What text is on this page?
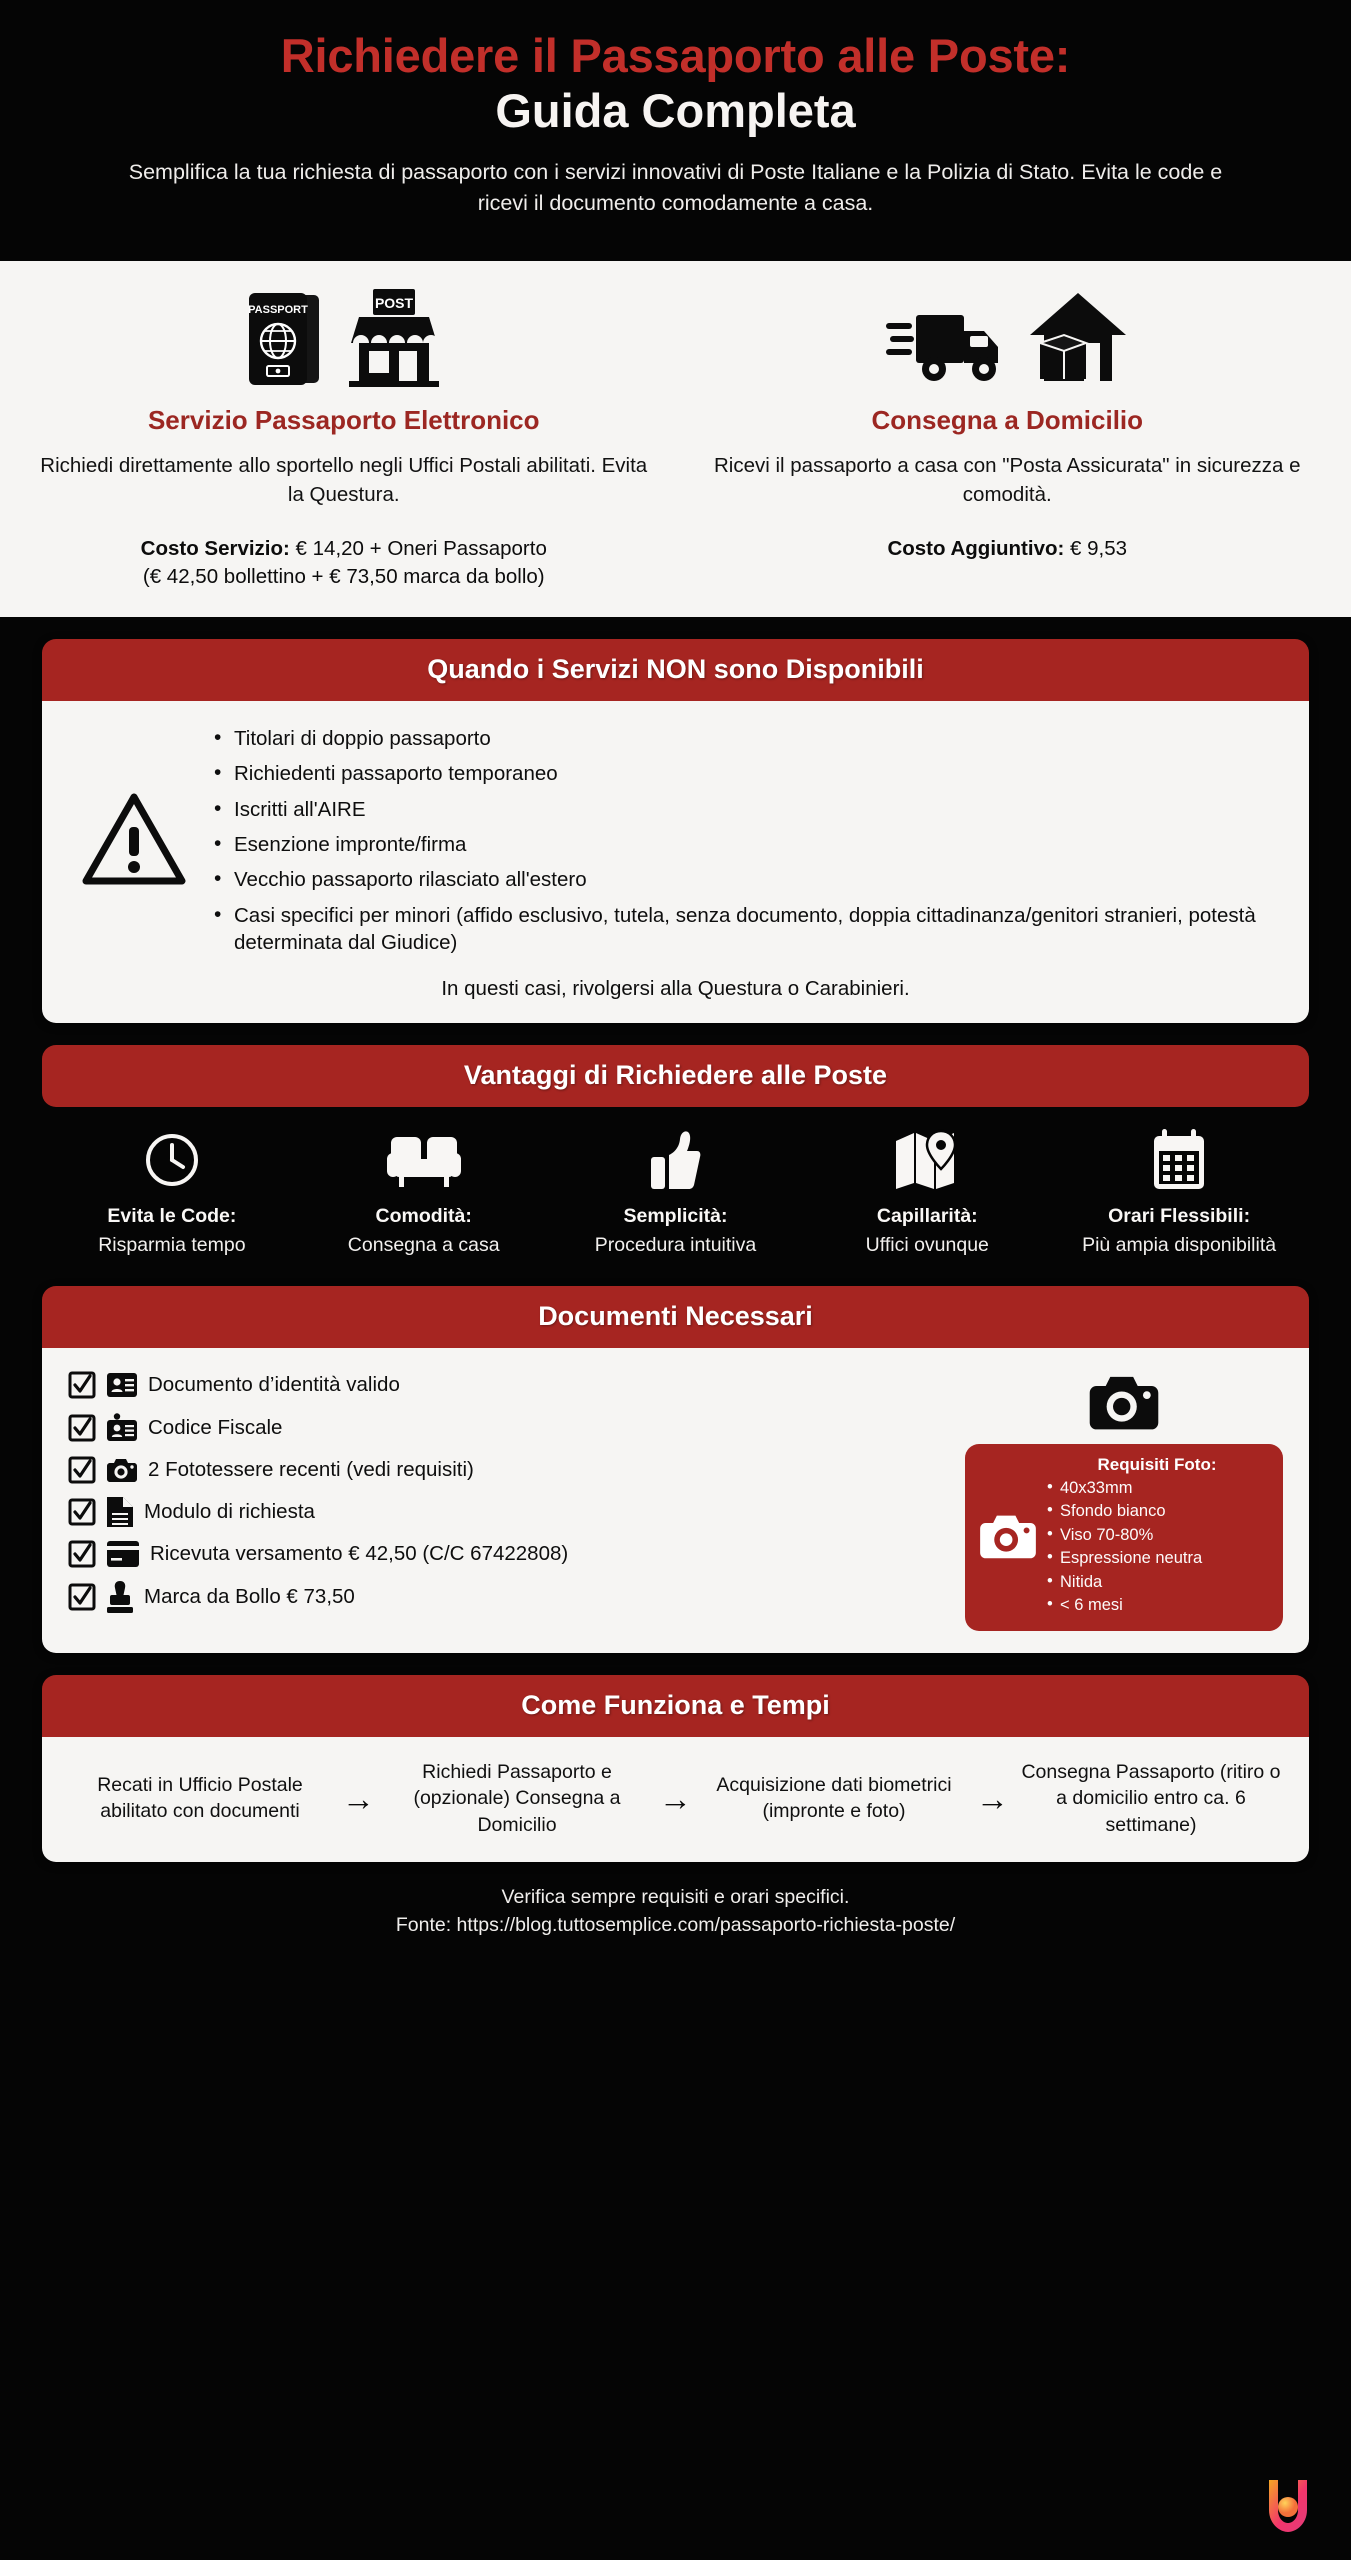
Richiedere il Passaporto alle Poste:
Guida Completa
Semplifica la tua richiesta di passaporto con i servizi innovativi di Poste Italiane e la Polizia di Stato. Evita le code e ricevi il documento comodamente a casa.
PASSPORT	POST
Servizio Passaporto Elettronico
Richiedi direttamente allo sportello negli Uffici Postali abilitati. Evita la Questura.
Costo Servizio: € 14,20 + Oneri Passaporto
(€ 42,50 bollettino + € 73,50 marca da bollo)
Consegna a Domicilio
Ricevi il passaporto a casa con "Posta Assicurata" in sicurezza e comodità.
Costo Aggiuntivo: € 9,53
Quando i Servizi NON sono Disponibili
• Titolari di doppio passaporto
• Richiedenti passaporto temporaneo
• Iscritti all'AIRE
• Esenzione impronte/firma
• Vecchio passaporto rilasciato all'estero
• Casi specifici per minori (affido esclusivo, tutela, senza documento, doppia cittadinanza/genitori stranieri, potestà determinata dal Giudice)
In questi casi, rivolgersi alla Questura o Carabinieri.
Vantaggi di Richiedere alle Poste
Evita le Code:
Risparmia tempo
Comodità:
Consegna a casa
Semplicità:
Procedura intuitiva
Capillarità:
Uffici ovunque
Orari Flessibili:
Più ampia disponibilità
Documenti Necessari
Documento d’identità valido
Codice Fiscale
2 Fototessere recenti (vedi requisiti)
Modulo di richiesta
Ricevuta versamento € 42,50 (C/C 67422808)
Marca da Bollo € 73,50
Requisiti Foto:
• 40x33mm
• Sfondo bianco
• Viso 70-80%
• Espressione neutra
• Nitida
• < 6 mesi
Come Funziona e Tempi
Recati in Ufficio Postale abilitato con documenti	→
Richiedi Passaporto e (opzionale) Consegna a Domicilio
→	Acquisizione dati biometrici (impronte e foto)	→
Consegna Passaporto (ritiro o a domicilio entro ca. 6 settimane)
Verifica sempre requisiti e orari specifici.
Fonte: https://blog.tuttosemplice.com/passaporto-richiesta-poste/
